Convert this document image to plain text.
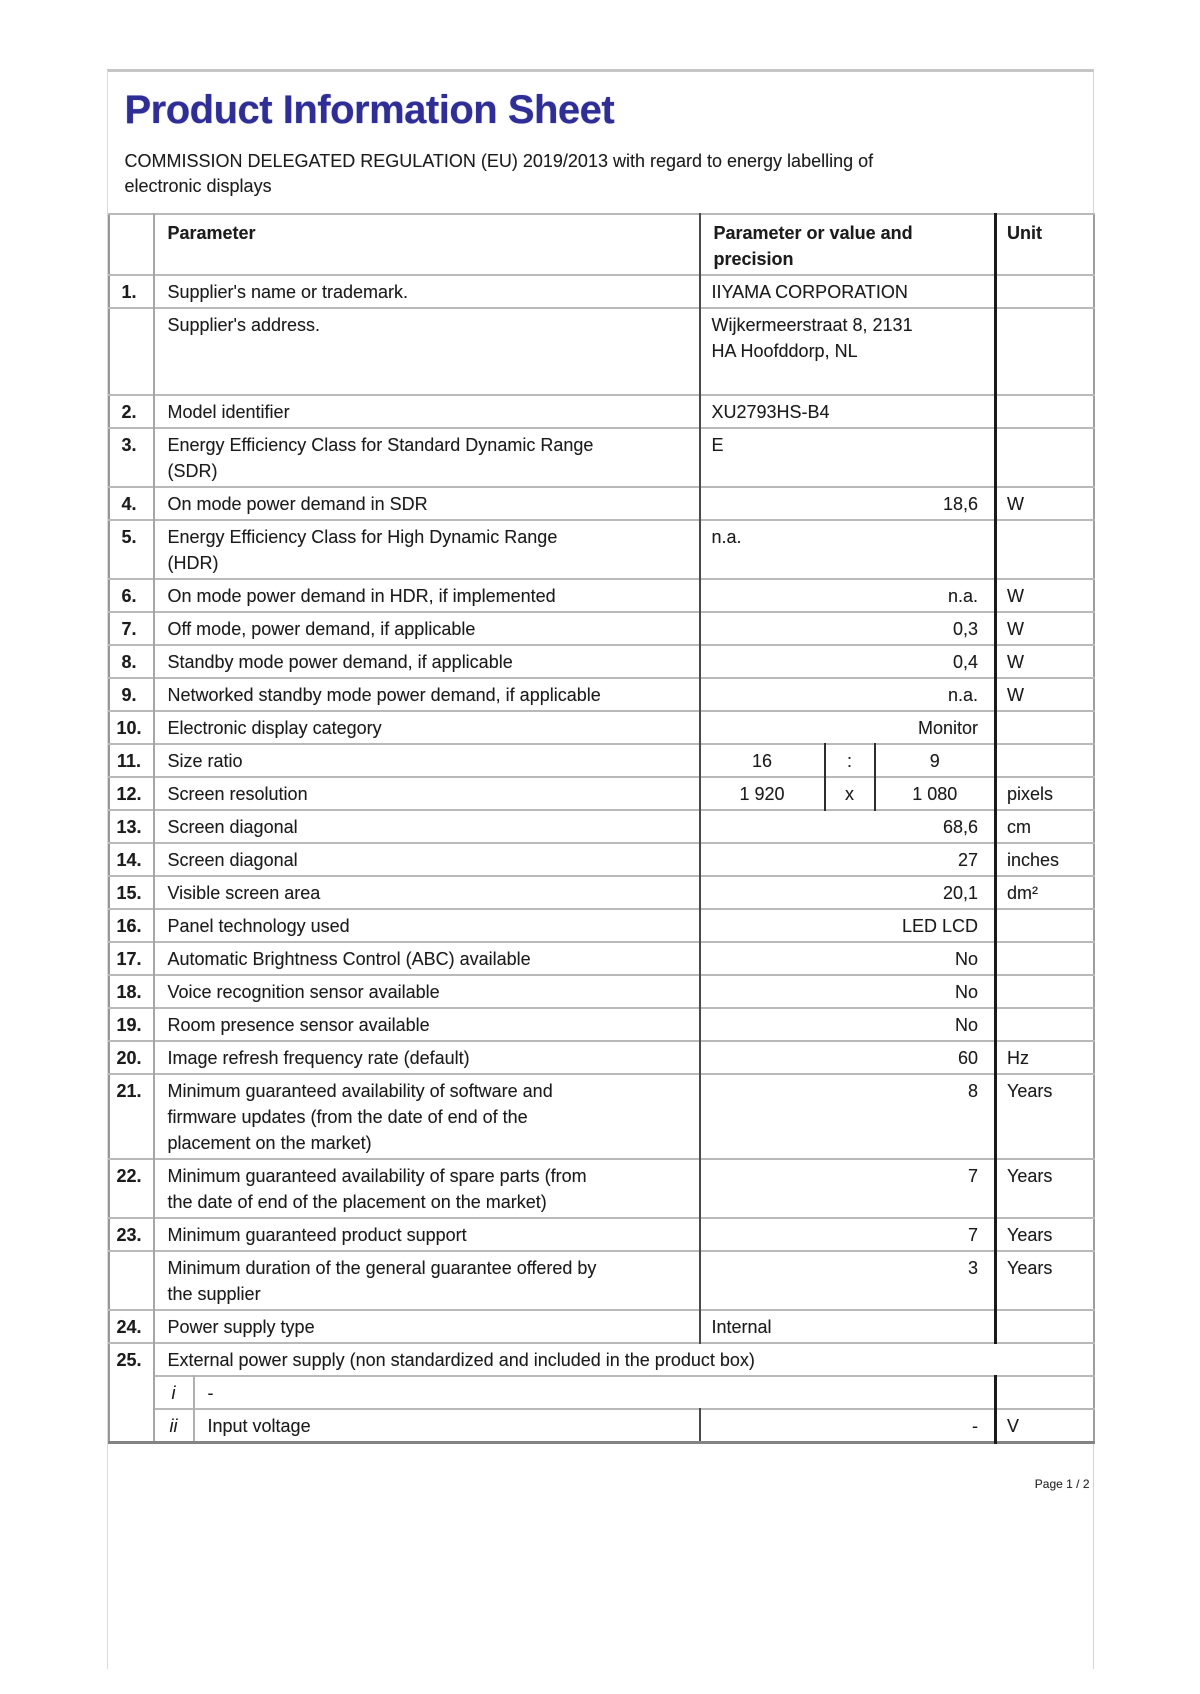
Product Information Sheet

COMMISSION DELEGATED REGULATION (EU) 2019/2013 with regard to energy labelling of electronic displays

	Parameter		Parameter or value and precision			Unit
1.	Supplier's name or trademark.		IIYAMA CORPORATION			
	Supplier's address.		Wijkermeerstraat 8, 2131 HA Hoofddorp, NL			
2.	Model identifier		XU2793HS-B4			
3.	Energy Efficiency Class for Standard Dynamic Range (SDR)		E			
4.	On mode power demand in SDR		18,6			W
5.	Energy Efficiency Class for High Dynamic Range (HDR)		n.a.			
6.	On mode power demand in HDR, if implemented		n.a.			W
7.	Off mode, power demand, if applicable		0,3			W
8.	Standby mode power demand, if applicable		0,4			W
9.	Networked standby mode power demand, if applicable		n.a.			W
10.	Electronic display category		Monitor			
11.	Size ratio		16	:	9	
12.	Screen resolution		1 920	x	1 080	pixels
13.	Screen diagonal		68,6			cm
14.	Screen diagonal		27			inches
15.	Visible screen area		20,1			dm²
16.	Panel technology used		LED LCD			
17.	Automatic Brightness Control (ABC) available		No			
18.	Voice recognition sensor available		No			
19.	Room presence sensor available		No			
20.	Image refresh frequency rate (default)		60			Hz
21.	Minimum guaranteed availability of software and firmware updates (from the date of end of the placement on the market)		8			Years
22.	Minimum guaranteed availability of spare parts (from the date of end of the placement on the market)		7			Years
23.	Minimum guaranteed product support		7			Years
	Minimum duration of the general guarantee offered by the supplier		3			Years
24.	Power supply type		Internal			
25.	External power supply (non standardized and included in the product box)					
	i	-				
	ii	Input voltage	-			V
Page 1 / 2
